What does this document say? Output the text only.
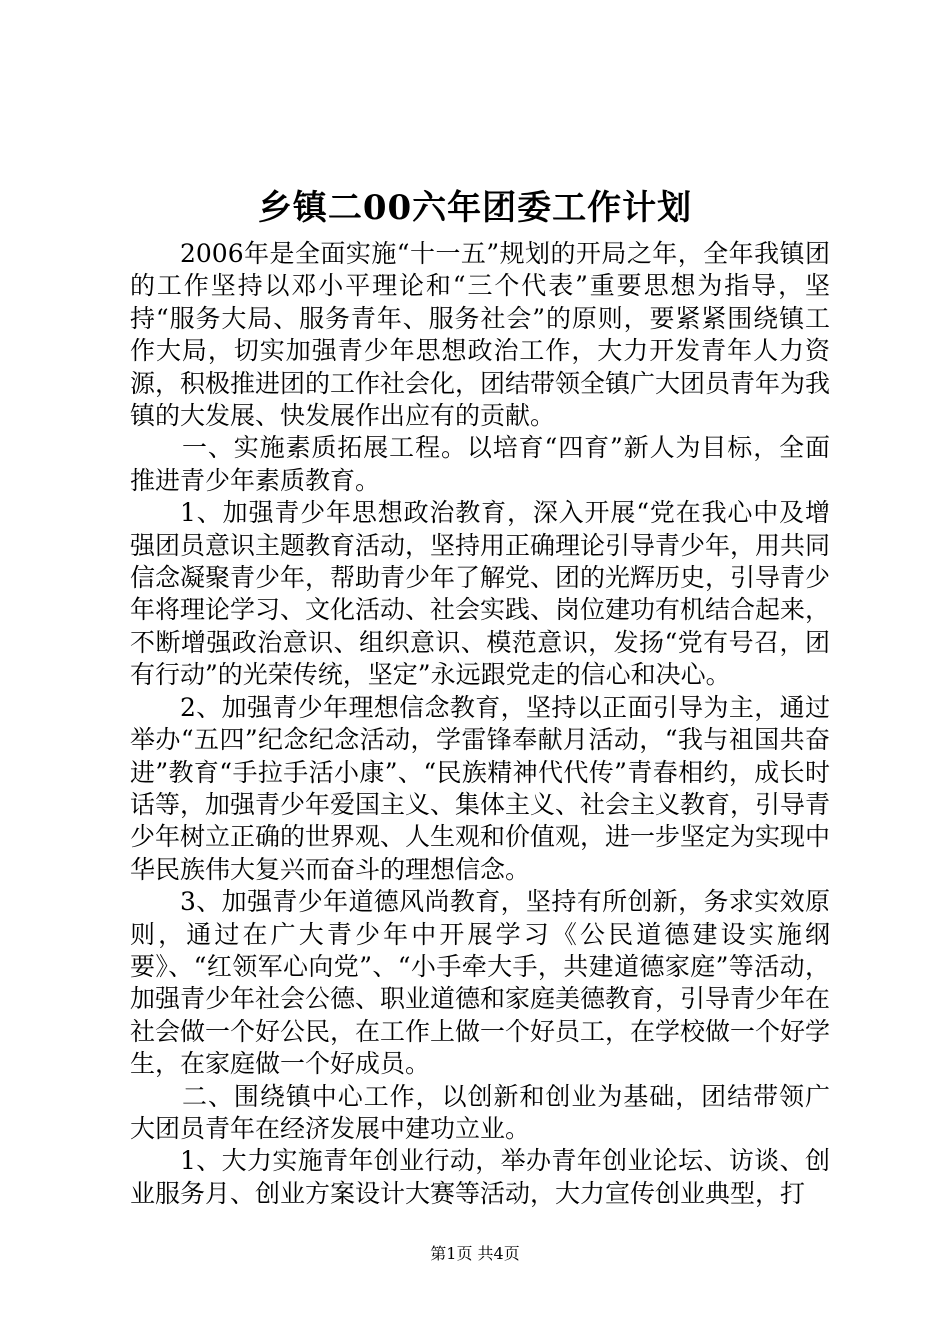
乡镇二00六年团委工作计划

2006年是全面实施“十一五”规划的开局之年，全年我镇团的工作坚持以邓小平理论和“三个代表”重要思想为指导，坚持“服务大局、服务青年、服务社会”的原则，要紧紧围绕镇工作大局，切实加强青少年思想政治工作，大力开发青年人力资源，积极推进团的工作社会化，团结带领全镇广大团员青年为我镇的大发展、快发展作出应有的贡献。

一、实施素质拓展工程。以培育“四育”新人为目标，全面推进青少年素质教育。

1、加强青少年思想政治教育，深入开展“党在我心中及增强团员意识主题教育活动，坚持用正确理论引导青少年，用共同信念凝聚青少年，帮助青少年了解党、团的光辉历史，引导青少年将理论学习、文化活动、社会实践、岗位建功有机结合起来，不断增强政治意识、组织意识、模范意识，发扬“党有号召，团有行动”的光荣传统，坚定”永远跟党走的信心和决心。

2、加强青少年理想信念教育，坚持以正面引导为主，通过举办“五四”纪念纪念活动，学雷锋奉献月活动，“我与祖国共奋进”教育“手拉手活小康”、“民族精神代代传”青春相约，成长时话等，加强青少年爱国主义、集体主义、社会主义教育，引导青少年树立正确的世界观、人生观和价值观，进一步坚定为实现中华民族伟大复兴而奋斗的理想信念。

3、加强青少年道德风尚教育，坚持有所创新，务求实效原则，通过在广大青少年中开展学习《公民道德建设实施纲要》、“红领军心向党”、“小手牵大手，共建道德家庭”等活动，加强青少年社会公德、职业道德和家庭美德教育，引导青少年在社会做一个好公民，在工作上做一个好员工，在学校做一个好学生，在家庭做一个好成员。

二、围绕镇中心工作，以创新和创业为基础，团结带领广大团员青年在经济发展中建功立业。

1、大力实施青年创业行动，举办青年创业论坛、访谈、创业服务月、创业方案设计大赛等活动，大力宣传创业典型，打

第1页 共4页
